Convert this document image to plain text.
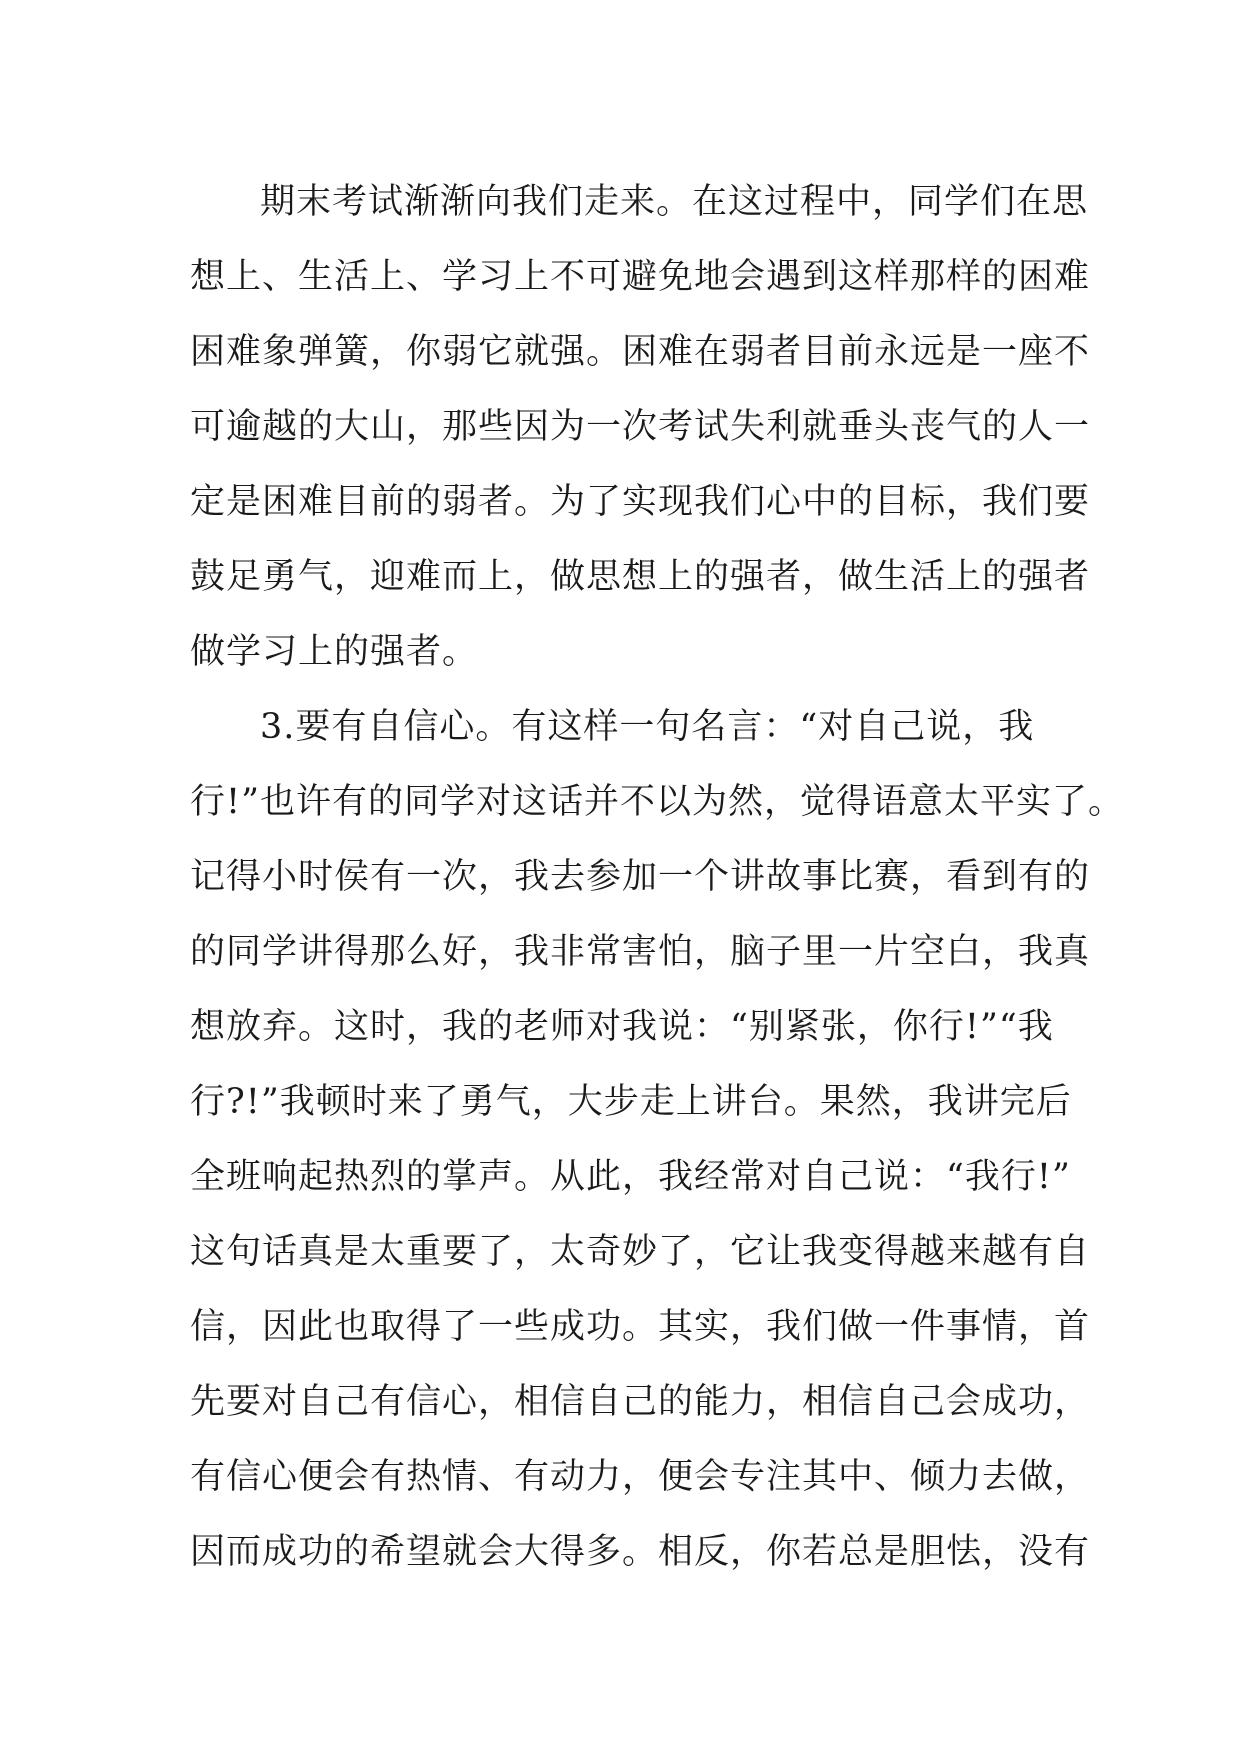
期末考试渐渐向我们走来。在这过程中，同学们在思
想上、生活上、学习上不可避免地会遇到这样那样的困难
困难象弹簧，你弱它就强。困难在弱者目前永远是一座不
可逾越的大山，那些因为一次考试失利就垂头丧气的人一
定是困难目前的弱者。为了实现我们心中的目标，我们要
鼓足勇气，迎难而上，做思想上的强者，做生活上的强者
做学习上的强者。
3.要有自信心。有这样一句名言：“对自己说，我
行!”也许有的同学对这话并不以为然，觉得语意太平实了。
记得小时侯有一次，我去参加一个讲故事比赛，看到有的
的同学讲得那么好，我非常害怕，脑子里一片空白，我真
想放弃。这时，我的老师对我说：“别紧张，你行!”“我
行?!”我顿时来了勇气，大步走上讲台。果然，我讲完后
全班响起热烈的掌声。从此，我经常对自己说：“我行!”
这句话真是太重要了，太奇妙了，它让我变得越来越有自
信，因此也取得了一些成功。其实，我们做一件事情，首
先要对自己有信心，相信自己的能力，相信自己会成功，
有信心便会有热情、有动力，便会专注其中、倾力去做，
因而成功的希望就会大得多。相反，你若总是胆怯，没有
